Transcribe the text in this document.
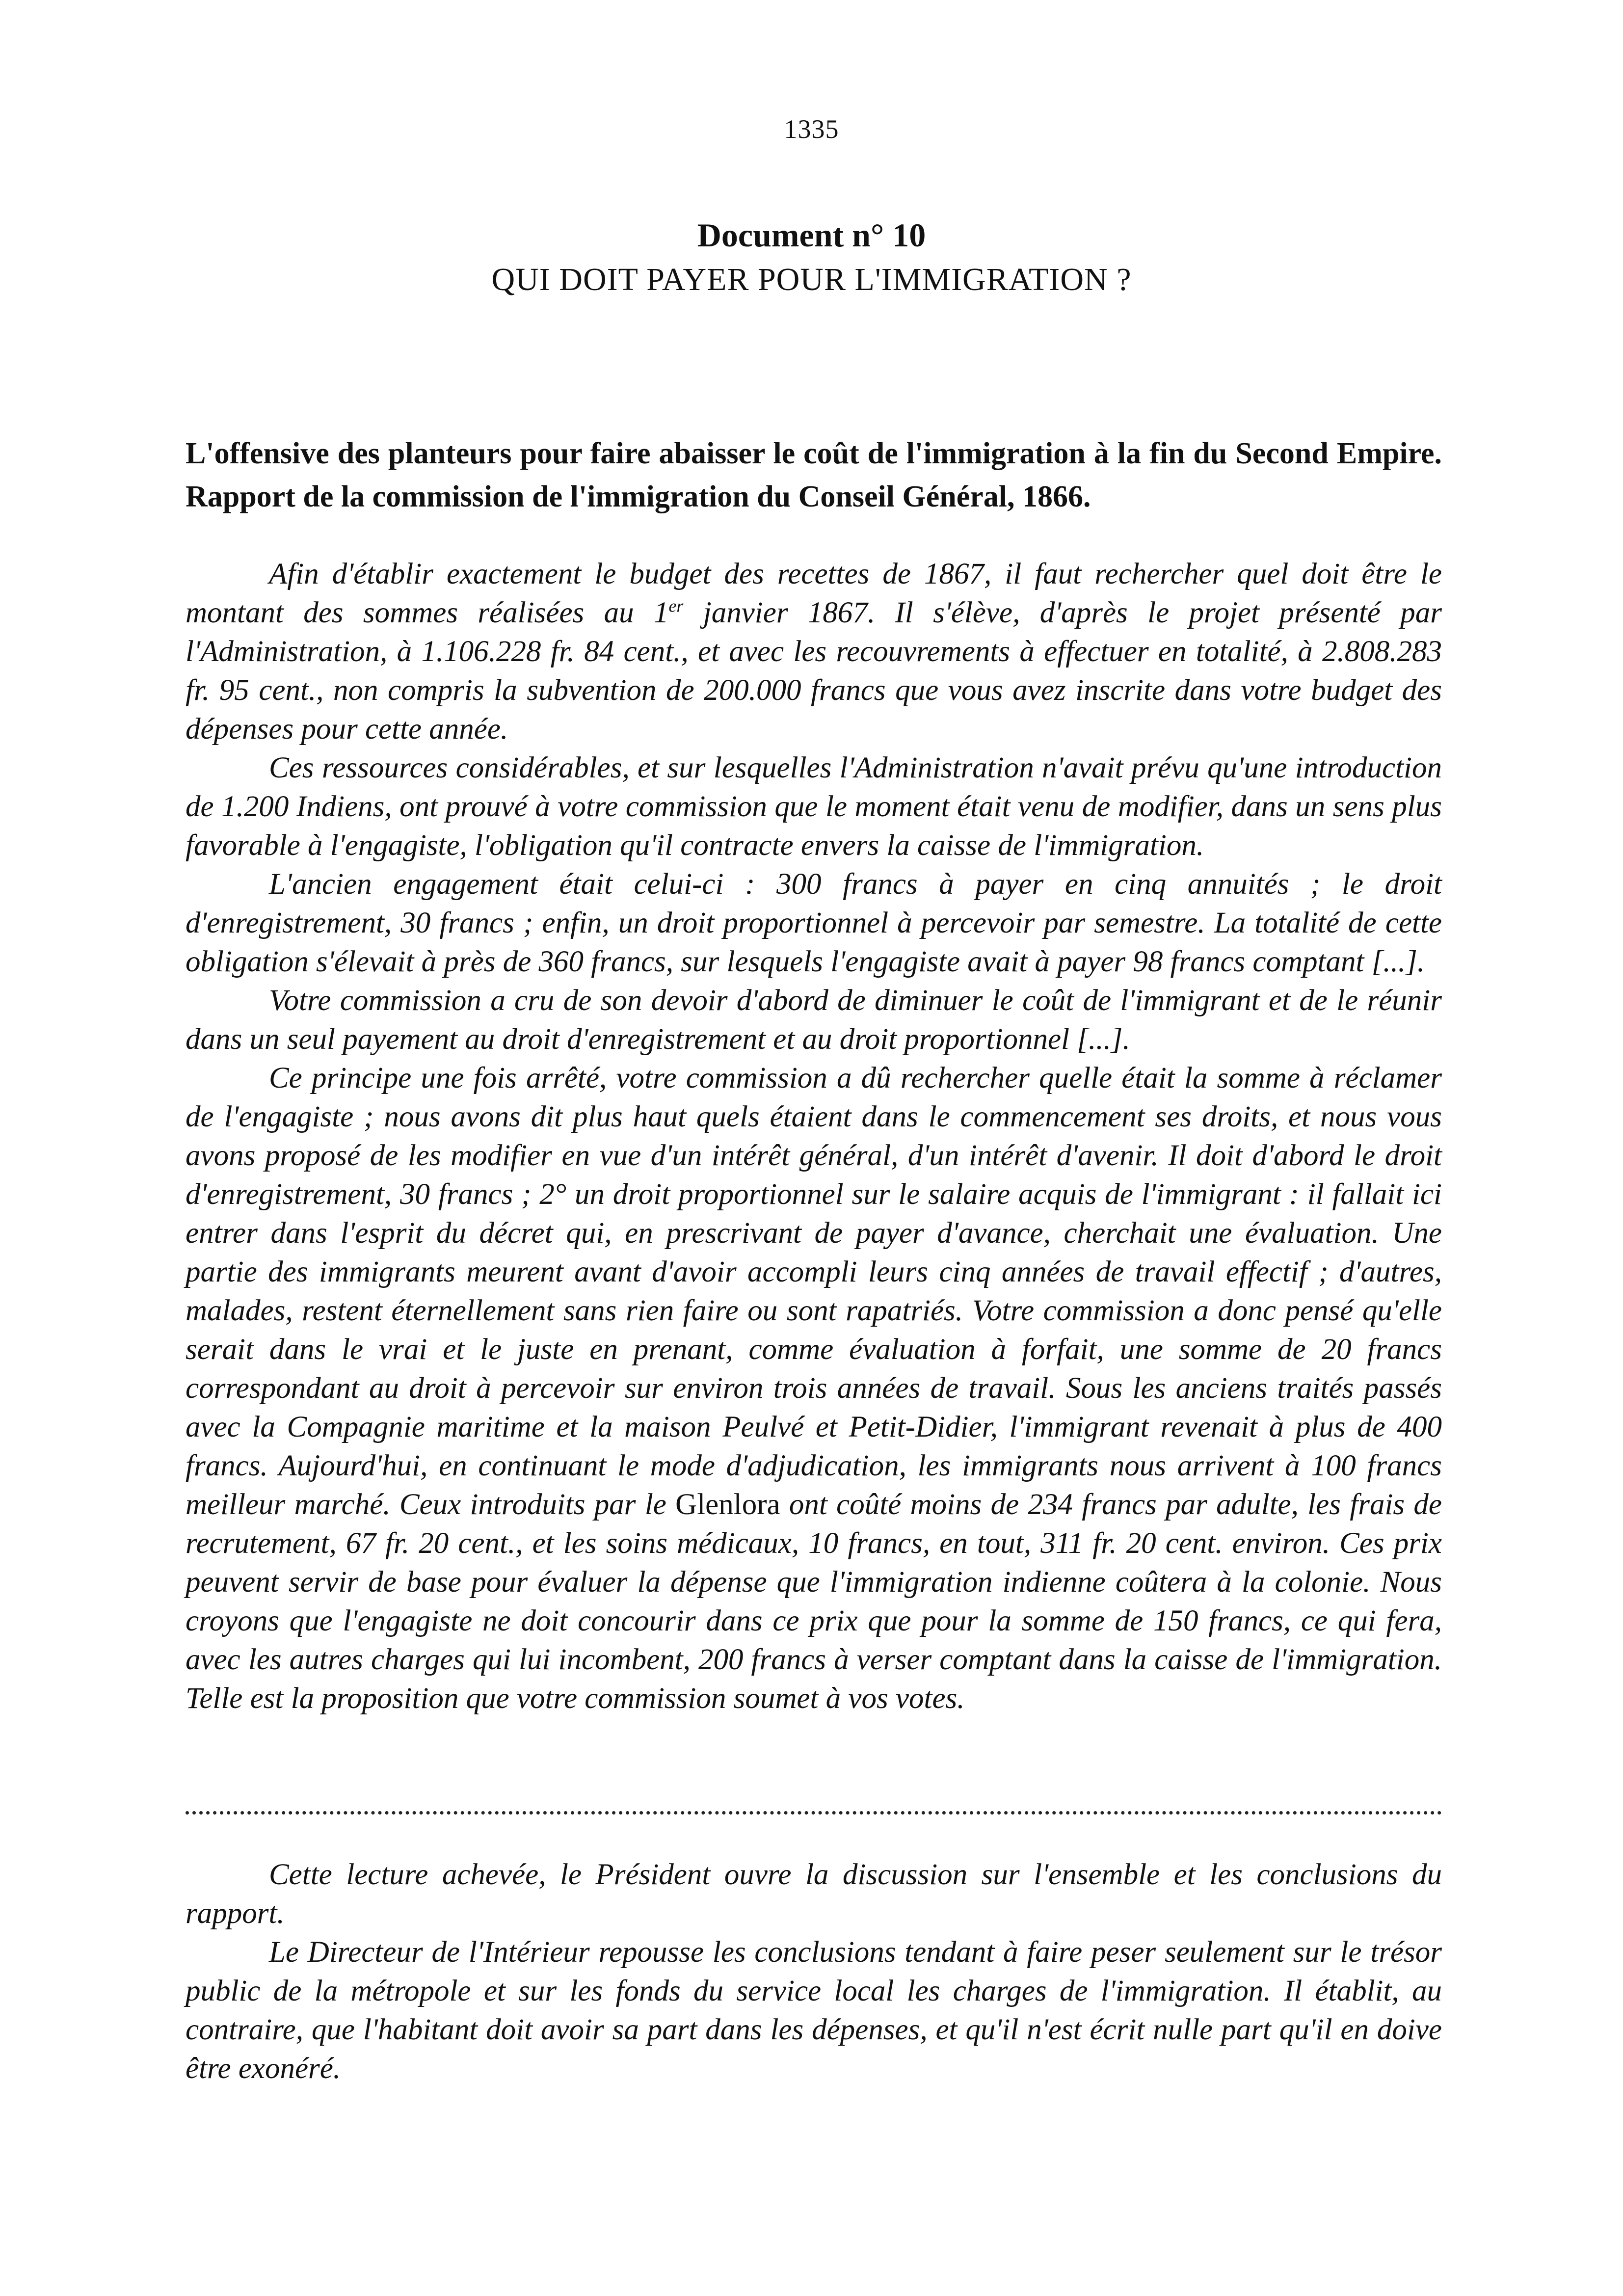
1335
Document n° 10
QUI DOIT PAYER POUR L'IMMIGRATION ?

L'offensive des planteurs pour faire abaisser le coût de l'immigration à la fin du Second Empire. Rapport de la commission de l'immigration du Conseil Général, 1866.

Afin d'établir exactement le budget des recettes de 1867, il faut rechercher quel doit être le montant des sommes réalisées au 1er janvier 1867. Il s'élève, d'après le projet présenté par l'Administration, à 1.106.228 fr. 84 cent., et avec les recouvrements à effectuer en totalité, à 2.808.283 fr. 95 cent., non compris la subvention de 200.000 francs que vous avez inscrite dans votre budget des dépenses pour cette année.

Ces ressources considérables, et sur lesquelles l'Administration n'avait prévu qu'une introduction de 1.200 Indiens, ont prouvé à votre commission que le moment était venu de modifier, dans un sens plus favorable à l'engagiste, l'obligation qu'il contracte envers la caisse de l'immigration.

L'ancien engagement était celui-ci : 300 francs à payer en cinq annuités ; le droit d'enregistrement, 30 francs ; enfin, un droit proportionnel à percevoir par semestre. La totalité de cette obligation s'élevait à près de 360 francs, sur lesquels l'engagiste avait à payer 98 francs comptant [...].

Votre commission a cru de son devoir d'abord de diminuer le coût de l'immigrant et de le réunir dans un seul payement au droit d'enregistrement et au droit proportionnel [...].

Ce principe une fois arrêté, votre commission a dû rechercher quelle était la somme à réclamer de l'engagiste ; nous avons dit plus haut quels étaient dans le commencement ses droits, et nous vous avons proposé de les modifier en vue d'un intérêt général, d'un intérêt d'avenir. Il doit d'abord le droit d'enregistrement, 30 francs ; 2° un droit proportionnel sur le salaire acquis de l'immigrant : il fallait ici entrer dans l'esprit du décret qui, en prescrivant de payer d'avance, cherchait une évaluation. Une partie des immigrants meurent avant d'avoir accompli leurs cinq années de travail effectif ; d'autres, malades, restent éternellement sans rien faire ou sont rapatriés. Votre commission a donc pensé qu'elle serait dans le vrai et le juste en prenant, comme évaluation à forfait, une somme de 20 francs correspondant au droit à percevoir sur environ trois années de travail. Sous les anciens traités passés avec la Compagnie maritime et la maison Peulvé et Petit-Didier, l'immigrant revenait à plus de 400 francs. Aujourd'hui, en continuant le mode d'adjudication, les immigrants nous arrivent à 100 francs meilleur marché. Ceux introduits par le Glenlora ont coûté moins de 234 francs par adulte, les frais de recrutement, 67 fr. 20 cent., et les soins médicaux, 10 francs, en tout, 311 fr. 20 cent. environ. Ces prix peuvent servir de base pour évaluer la dépense que l'immigration indienne coûtera à la colonie. Nous croyons que l'engagiste ne doit concourir dans ce prix que pour la somme de 150 francs, ce qui fera, avec les autres charges qui lui incombent, 200 francs à verser comptant dans la caisse de l'immigration. Telle est la proposition que votre commission soumet à vos votes.

Cette lecture achevée, le Président ouvre la discussion sur l'ensemble et les conclusions du rapport.

Le Directeur de l'Intérieur repousse les conclusions tendant à faire peser seulement sur le trésor public de la métropole et sur les fonds du service local les charges de l'immigration. Il établit, au contraire, que l'habitant doit avoir sa part dans les dépenses, et qu'il n'est écrit nulle part qu'il en doive être exonéré.
